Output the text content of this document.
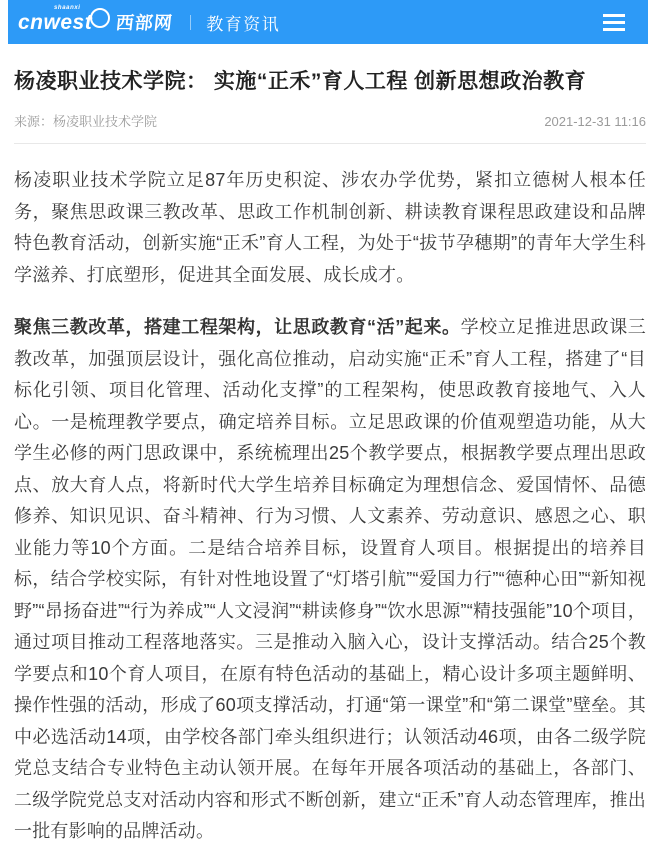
shaanxi
cnwest	西部网 教育资讯
杨凌职业技术学院： 实施“正禾”育人工程 创新思想政治教育
来源：杨凌职业技术学院	2021-12-31 11:16

杨凌职业技术学院立足87年历史积淀、涉农办学优势，紧扣立德树人根本任务，聚焦思政课三教改革、思政工作机制创新、耕读教育课程思政建设和品牌特色教育活动，创新实施“正禾”育人工程，为处于“拔节孕穗期”的青年大学生科学滋养、打底塑形，促进其全面发展、成长成才。

聚焦三教改革，搭建工程架构，让思政教育“活”起来。学校立足推进思政课三教改革，加强顶层设计，强化高位推动，启动实施“正禾”育人工程，搭建了“目标化引领、项目化管理、活动化支撑”的工程架构，使思政教育接地气、入人心。一是梳理教学要点，确定培养目标。立足思政课的价值观塑造功能，从大学生必修的两门思政课中，系统梳理出25个教学要点，根据教学要点理出思政点、放大育人点，将新时代大学生培养目标确定为理想信念、爱国情怀、品德修养、知识见识、奋斗精神、行为习惯、人文素养、劳动意识、感恩之心、职业能力等10个方面。二是结合培养目标，设置育人项目。根据提出的培养目标，结合学校实际，有针对性地设置了“灯塔引航”“爱国力行”“德种心田”“新知视野”“昂扬奋进”“行为养成”“人文浸润”“耕读修身”“饮水思源”“精技强能”10个项目，通过项目推动工程落地落实。三是推动入脑入心，设计支撑活动。结合25个教学要点和10个育人项目，在原有特色活动的基础上，精心设计多项主题鲜明、操作性强的活动，形成了60项支撑活动，打通“第一课堂”和“第二课堂”壁垒。其中必选活动14项，由学校各部门牵头组织进行；认领活动46项，由各二级学院党总支结合专业特色主动认领开展。在每年开展各项活动的基础上，各部门、二级学院党总支对活动内容和形式不断创新，建立“正禾”育人动态管理库，推出一批有影响的品牌活动。
